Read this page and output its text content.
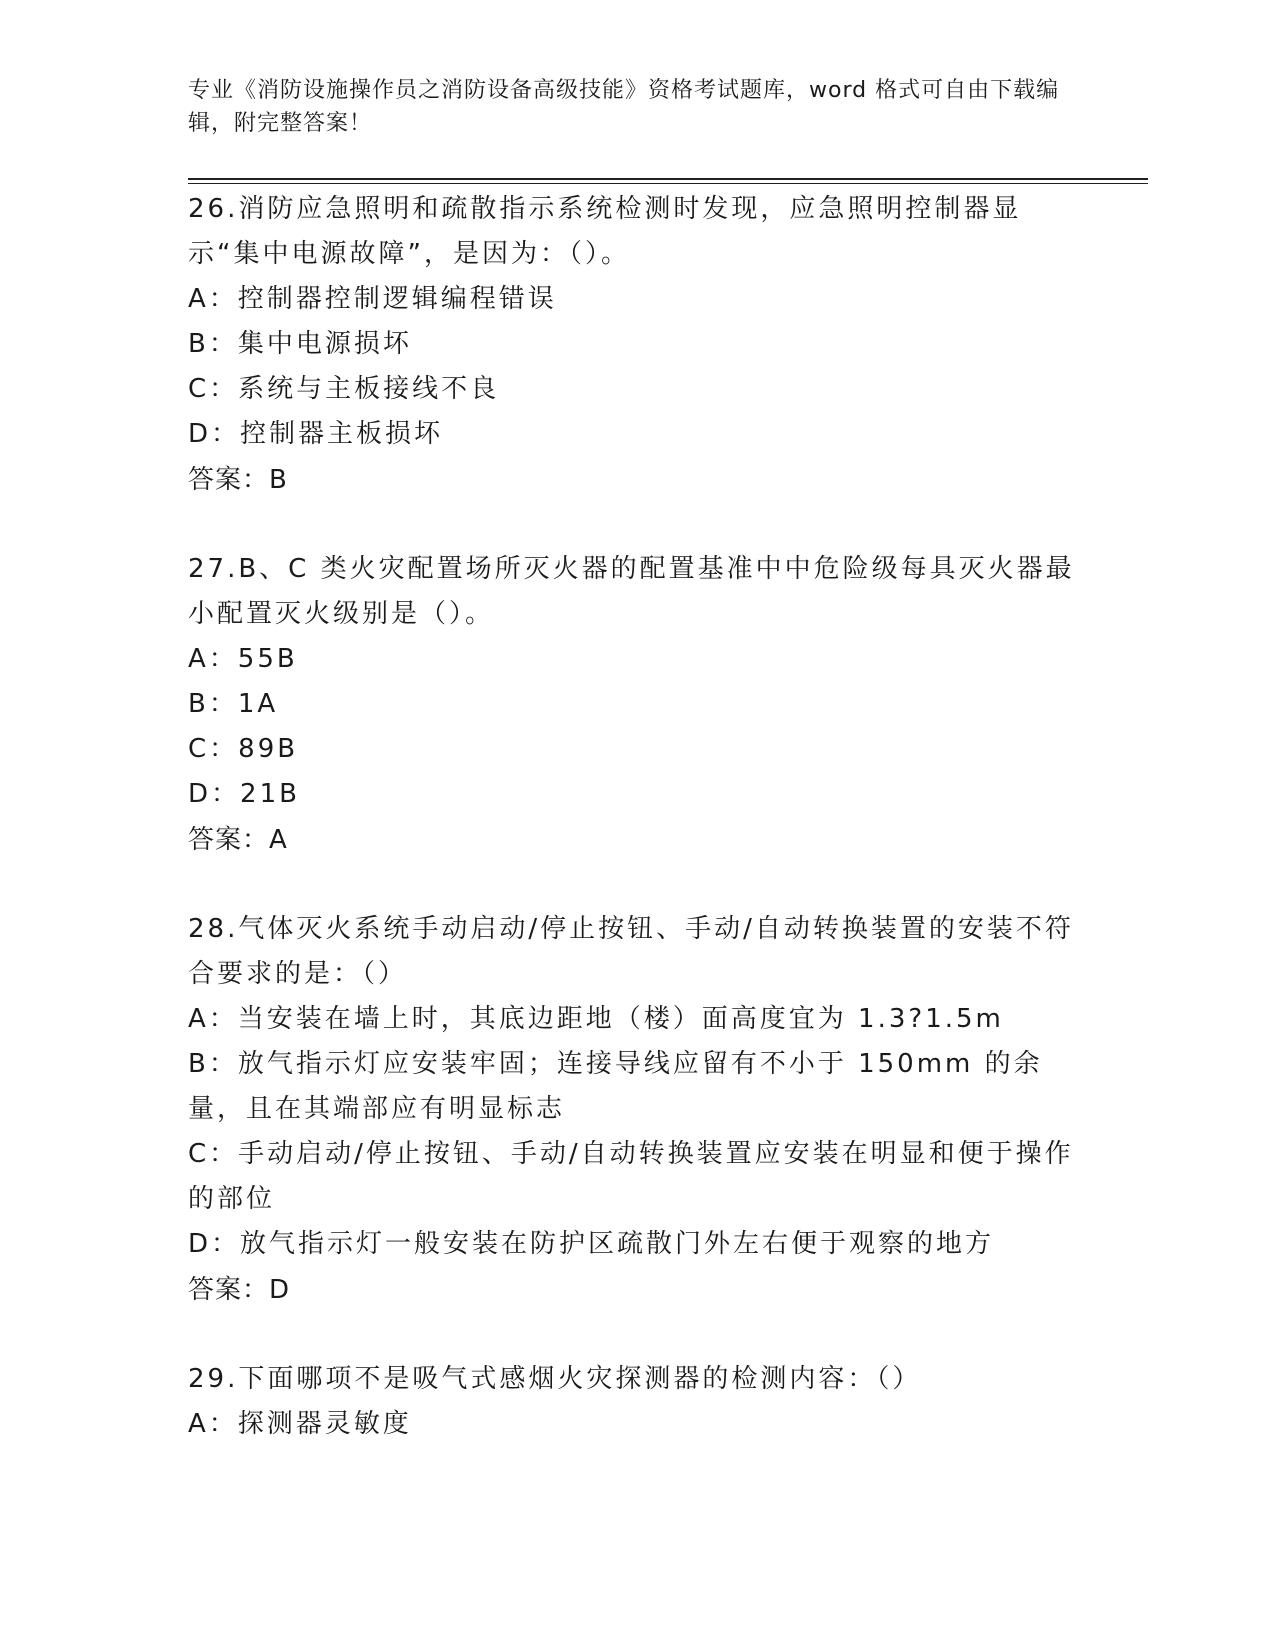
专业《消防设施操作员之消防设备高级技能》资格考试题库，word 格式可自由下载编辑，附完整答案！
26.消防应急照明和疏散指示系统检测时发现，应急照明控制器显示“集中电源故障”，是因为：（）。
A：控制器控制逻辑编程错误
B：集中电源损坏
C：系统与主板接线不良
D：控制器主板损坏
答案：B
27.B、C 类火灾配置场所灭火器的配置基准中中危险级每具灭火器最小配置灭火级别是（）。
A：55B
B：1A
C：89B
D：21B
答案：A
28.气体灭火系统手动启动/停止按钮、手动/自动转换装置的安装不符合要求的是：（）
A：当安装在墙上时，其底边距地（楼）面高度宜为 1.3?1.5m
B：放气指示灯应安装牢固；连接导线应留有不小于 150mm 的余量，且在其端部应有明显标志
C：手动启动/停止按钮、手动/自动转换装置应安装在明显和便于操作的部位
D：放气指示灯一般安装在防护区疏散门外左右便于观察的地方
答案：D
29.下面哪项不是吸气式感烟火灾探测器的检测内容：（）
A：探测器灵敏度
